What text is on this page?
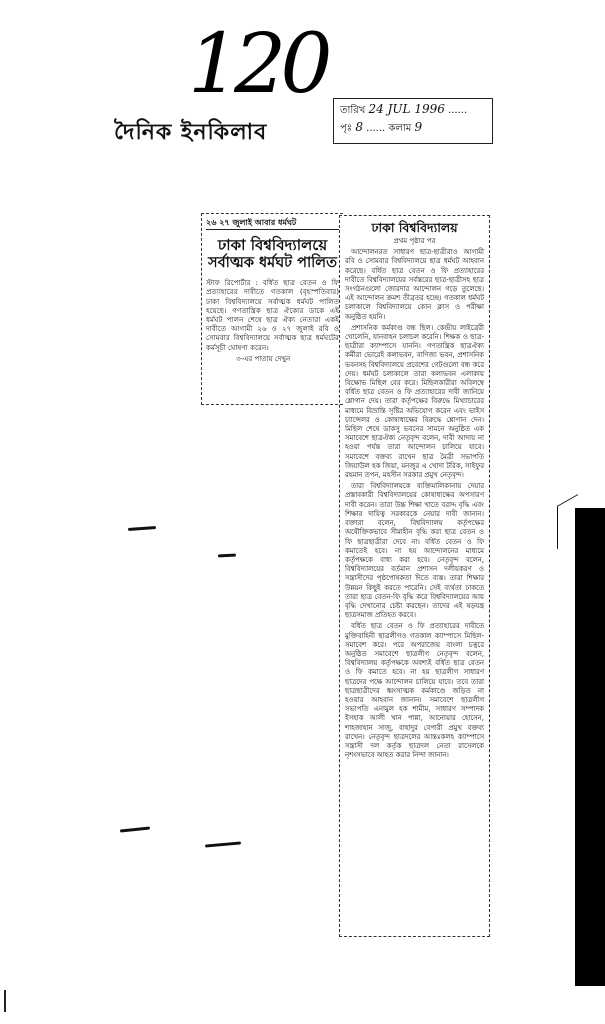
120
দৈনিক ইনকিলাব
তারিখ 24 JUL 1996 ......
পৃঃ 8 ...... কলাম 9
২৬ ২৭ জুলাই আবার ধর্মঘট
ঢাকা বিশ্ববিদ্যালয়ে
সর্বাত্মক ধর্মঘট পালিত
স্টাফ রিপোর্টার : বর্ধিত ছাত্র বেতন ও ফি প্রত্যাহারের দাবীতে গতকাল (বৃহস্পতিবার) ঢাকা বিশ্ববিদ্যালয়ে সর্বাত্মক ধর্মঘট পালিত হয়েছে। গণতান্ত্রিক ছাত্র ঐক্যের ডাকে এই ধর্মঘট পালন শেষে ছাত্র ঐক্য নেতারা একই দাবীতে আগামী ২৬ ও ২৭ জুলাই রবি ও সোমবার বিশ্ববিদ্যালয়ে সর্বাত্মক ছাত্র ধর্মঘটের কর্মসূচী ঘোষণা করেন।
৩-এর পাতায় দেখুন
ঢাকা বিশ্ববিদ্যালয়
প্রথম পৃষ্ঠার পর

আন্দোলনরত সাধারণ ছাত্র-ছাত্রীরাও আগামী রবি ও সোমবার বিশ্ববিদ্যালয়ে ছাত্র ধর্মঘট আহবান করেছে। বর্ধিত ছাত্র বেতন ও ফি প্রত্যাহারের দাবীতে বিশ্ববিদ্যালয়ের সর্বস্তরের ছাত্র-ছাত্রীসহ ছাত্র সংগঠনগুলো জোরদার আন্দোলন গড়ে তুলেছে। এই আন্দোলন ক্রমশ তীব্রতর হচ্ছে। গতকাল ধর্মঘট চলাকালে বিশ্ববিদ্যালয়ে কোন ক্লাস ও পরীক্ষা অনুষ্ঠিত হয়নি।

প্রশাসনিক কর্মকাণ্ড বন্ধ ছিল। কেন্দ্রীয় লাইব্রেরী খোলেনি, যানবাহন চলাচল করেনি। শিক্ষক ও ছাত্র-ছাত্রীরা ক্যাম্পাসে যাননি। গণতান্ত্রিক ছাত্রঐক্য কর্মীরা ভোরেই কলাভবন, বাণিজ্য ভবন, প্রশাসনিক ভবনসহ বিশ্ববিদ্যালয়ে প্রবেশের গেটগুলো বন্ধ করে দেয়। ধর্মঘট চলাকালে তারা কলাভবন এলাকায় বিক্ষোভ মিছিল বের করে। মিছিলকারীরা অবিলম্বে বর্ধিত ছাত্র বেতন ও ফি প্রত্যাহারের দাবী জানিয়ে শ্লোগান দেয়। তারা কর্তৃপক্ষের বিরুদ্ধে মিথ্যাচারের মাধ্যমে বিভ্রান্তি সৃষ্টির অভিযোগ করেন এবং ভাইস চ্যান্সেলর ও কোষাধ্যক্ষের বিরুদ্ধে শ্লোগান দেন। মিছিল শেষে ডাকসু ভবনের সামনে অনুষ্ঠিত এক সমাবেশে ছাত্রঐক্য নেতৃবৃন্দ বলেন, দাবী আদায় না হওয়া পর্যন্ত তারা আন্দোলন চালিয়ে যাবে। সমাবেশে বক্তব্য রাখেন ছাত্র মৈত্রী সভাপতি জিয়াউল হক জিয়া, মনজুর এ খোদা টরিক, সাইফুর রহমান তপন, মহসীন সরকার প্রমুখ নেতৃবৃন্দ।

তারা বিশ্ববিদ্যালয়কে ব্যক্তিমালিকানায় দেয়ার প্রস্তাবকারী বিশ্ববিদ্যালয়ের কোষাধ্যক্ষের অপসারণ দাবী করেন। তারা উচ্চ শিক্ষা খাতে বরাদ্দ বৃদ্ধি এবং শিক্ষার দায়িত্ব সরকারকে নেয়ার দাবী জানান। বক্তারা বলেন, বিশ্ববিদ্যালয় কর্তৃপক্ষের অযৌক্তিকভাবে সীমাহীন বৃদ্ধি করা ছাত্র বেতন ও ফি ছাত্রছাত্রীরা দেবে না। বর্ধিত বেতন ও ফি কমাতেই হবে। না হয় আন্দোলনের মাধ্যমে কর্তৃপক্ষকে বাধ্য করা হবে। নেতৃবৃন্দ বলেন, বিশ্ববিদ্যালয়ের বর্তমান প্রশাসন দলীয়করণ ও সন্ত্রাসীদের পৃষ্ঠপোষকতা দিতে ব্যস্ত। তারা শিক্ষার উন্নয়ন কিছুই করতে পারেনি। সেই ব্যর্থতা ঢাকতে তারা ছাত্র বেতন-ফি বৃদ্ধি করে বিশ্ববিদ্যালয়ের আয় বৃদ্ধি দেখানোর চেষ্টা করছেন। তাদের এই ষড়যন্ত্র ছাত্রসমাজ প্রতিহত করবে।

বর্ধিত ছাত্র বেতন ও ফি প্রত্যাহারের দাবীতে মুক্তিবাহিনী ছাত্রলীগও গতকাল ক্যাম্পাসে মিছিল-সমাবেশ করে। পরে অপরাজেয় বাংলা চত্বরে অনুষ্ঠিত সমাবেশে ছাত্রলীগ নেতৃবৃন্দ বলেন, বিশ্ববিদ্যালয় কর্তৃপক্ষকে অবশ্যই বর্ধিত ছাত্র বেতন ও ফি কমাতে হবে। না হয় ছাত্রলীগ সাধারণ ছাত্রদের পক্ষে আন্দোলন চালিয়ে যাবে। তবে তারা ছাত্রছাত্রীদের ধ্বংসাত্মক কর্মকাণ্ডে জড়িত না হওয়ার আহবান জানান। সমাবেশে ছাত্রলীগ সভাপতি এনামুল হক শামীম, সাধারণ সম্পাদক ইসহাক আলী খান পান্না, আনোয়ার হোসেন, শাহজাহান সাজু, বাহাদুর বেপারী প্রমুখ বক্তব্য রাখেন। নেতৃবৃন্দ ছাত্রদলের আন্তঃকলহ ক্যাম্পাসে সন্ত্রাসী দল কর্তৃক ছাত্রদল নেতা রাসেলকে নৃশংসভাবে আহত করার নিন্দা জানান।
